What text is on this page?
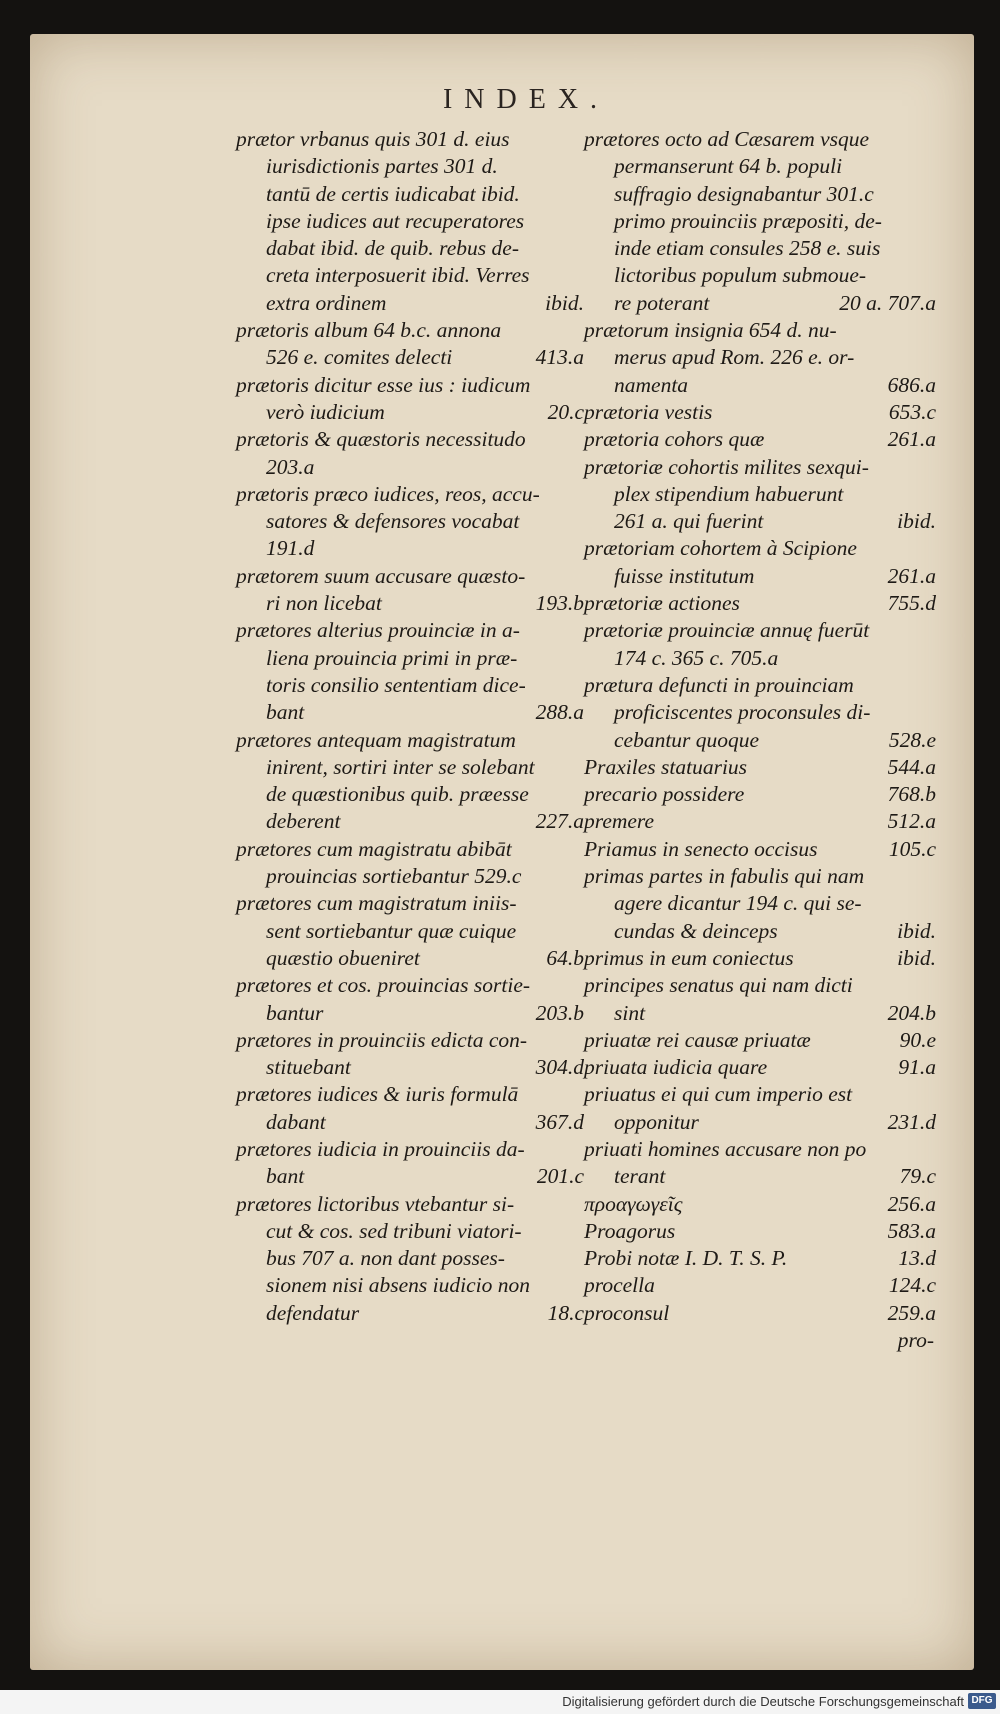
INDEX.
prætor vrbanus quis 301 d. eius
iurisdictionis partes 301 d.
tantū de certis iudicabat ibid.
ipse iudices aut recuperatores
dabat ibid. de quib. rebus de-
creta interposuerit ibid. Verres
extra ordinem	ibid.
prætoris album 64 b.c. annona
526 e. comites delecti	413.a
prætoris dicitur esse ius : iudicum
verò iudicium	20.c
prætoris & quæstoris necessitudo
203.a
prætoris præco iudices, reos, accu-
satores & defensores vocabat
191.d
prætorem suum accusare quæsto-
ri non licebat	193.b
prætores alterius prouinciæ in a-
liena prouincia primi in præ-
toris consilio sententiam dice-
bant	288.a
prætores antequam magistratum
inirent, sortiri inter se solebant
de quæstionibus quib. præesse
deberent	227.a
prætores cum magistratu abibāt
prouincias sortiebantur 529.c
prætores cum magistratum iniis-
sent sortiebantur quæ cuique
quæstio obueniret	64.b
prætores et cos. prouincias sortie-
bantur	203.b
prætores in prouinciis edicta con-
stituebant	304.d
prætores iudices & iuris formulā
dabant	367.d
prætores iudicia in prouinciis da-
bant	201.c
prætores lictoribus vtebantur si-
cut & cos. sed tribuni viatori-
bus 707 a. non dant posses-
sionem nisi absens iudicio non
defendatur	18.c
prætores octo ad Cæsarem vsque
permanserunt 64 b. populi
suffragio designabantur 301.c
primo prouinciis præpositi, de-
inde etiam consules 258 e. suis
lictoribus populum submoue-
re poterant	20 a. 707.a
prætorum insignia 654 d. nu-
merus apud Rom. 226 e. or-
namenta	686.a
prætoria vestis	653.c
prætoria cohors quæ	261.a
prætoriæ cohortis milites sexqui-
plex stipendium habuerunt
261 a. qui fuerint	ibid.
prætoriam cohortem à Scipione
fuisse institutum	261.a
prætoriæ actiones	755.d
prætoriæ prouinciæ annuę fuerūt
174 c. 365 c. 705.a
prætura defuncti in prouinciam
proficiscentes proconsules di-
cebantur quoque	528.e
Praxiles statuarius	544.a
precario possidere	768.b
premere	512.a
Priamus in senecto occisus	105.c
primas partes in fabulis qui nam
agere dicantur 194 c. qui se-
cundas & deinceps	ibid.
primus in eum coniectus	ibid.
principes senatus qui nam dicti
sint	204.b
priuatæ rei causæ priuatæ	90.e
priuata iudicia quare	91.a
priuatus ei qui cum imperio est
opponitur	231.d
priuati homines accusare non po
terant	79.c
προαγωγεῖς	256.a
Proagorus	583.a
Probi notæ I. D. T. S. P.	13.d
procella	124.c
proconsul	259.a
pro-
Digitalisierung gefördert durch die Deutsche Forschungsgemeinschaft DFG
